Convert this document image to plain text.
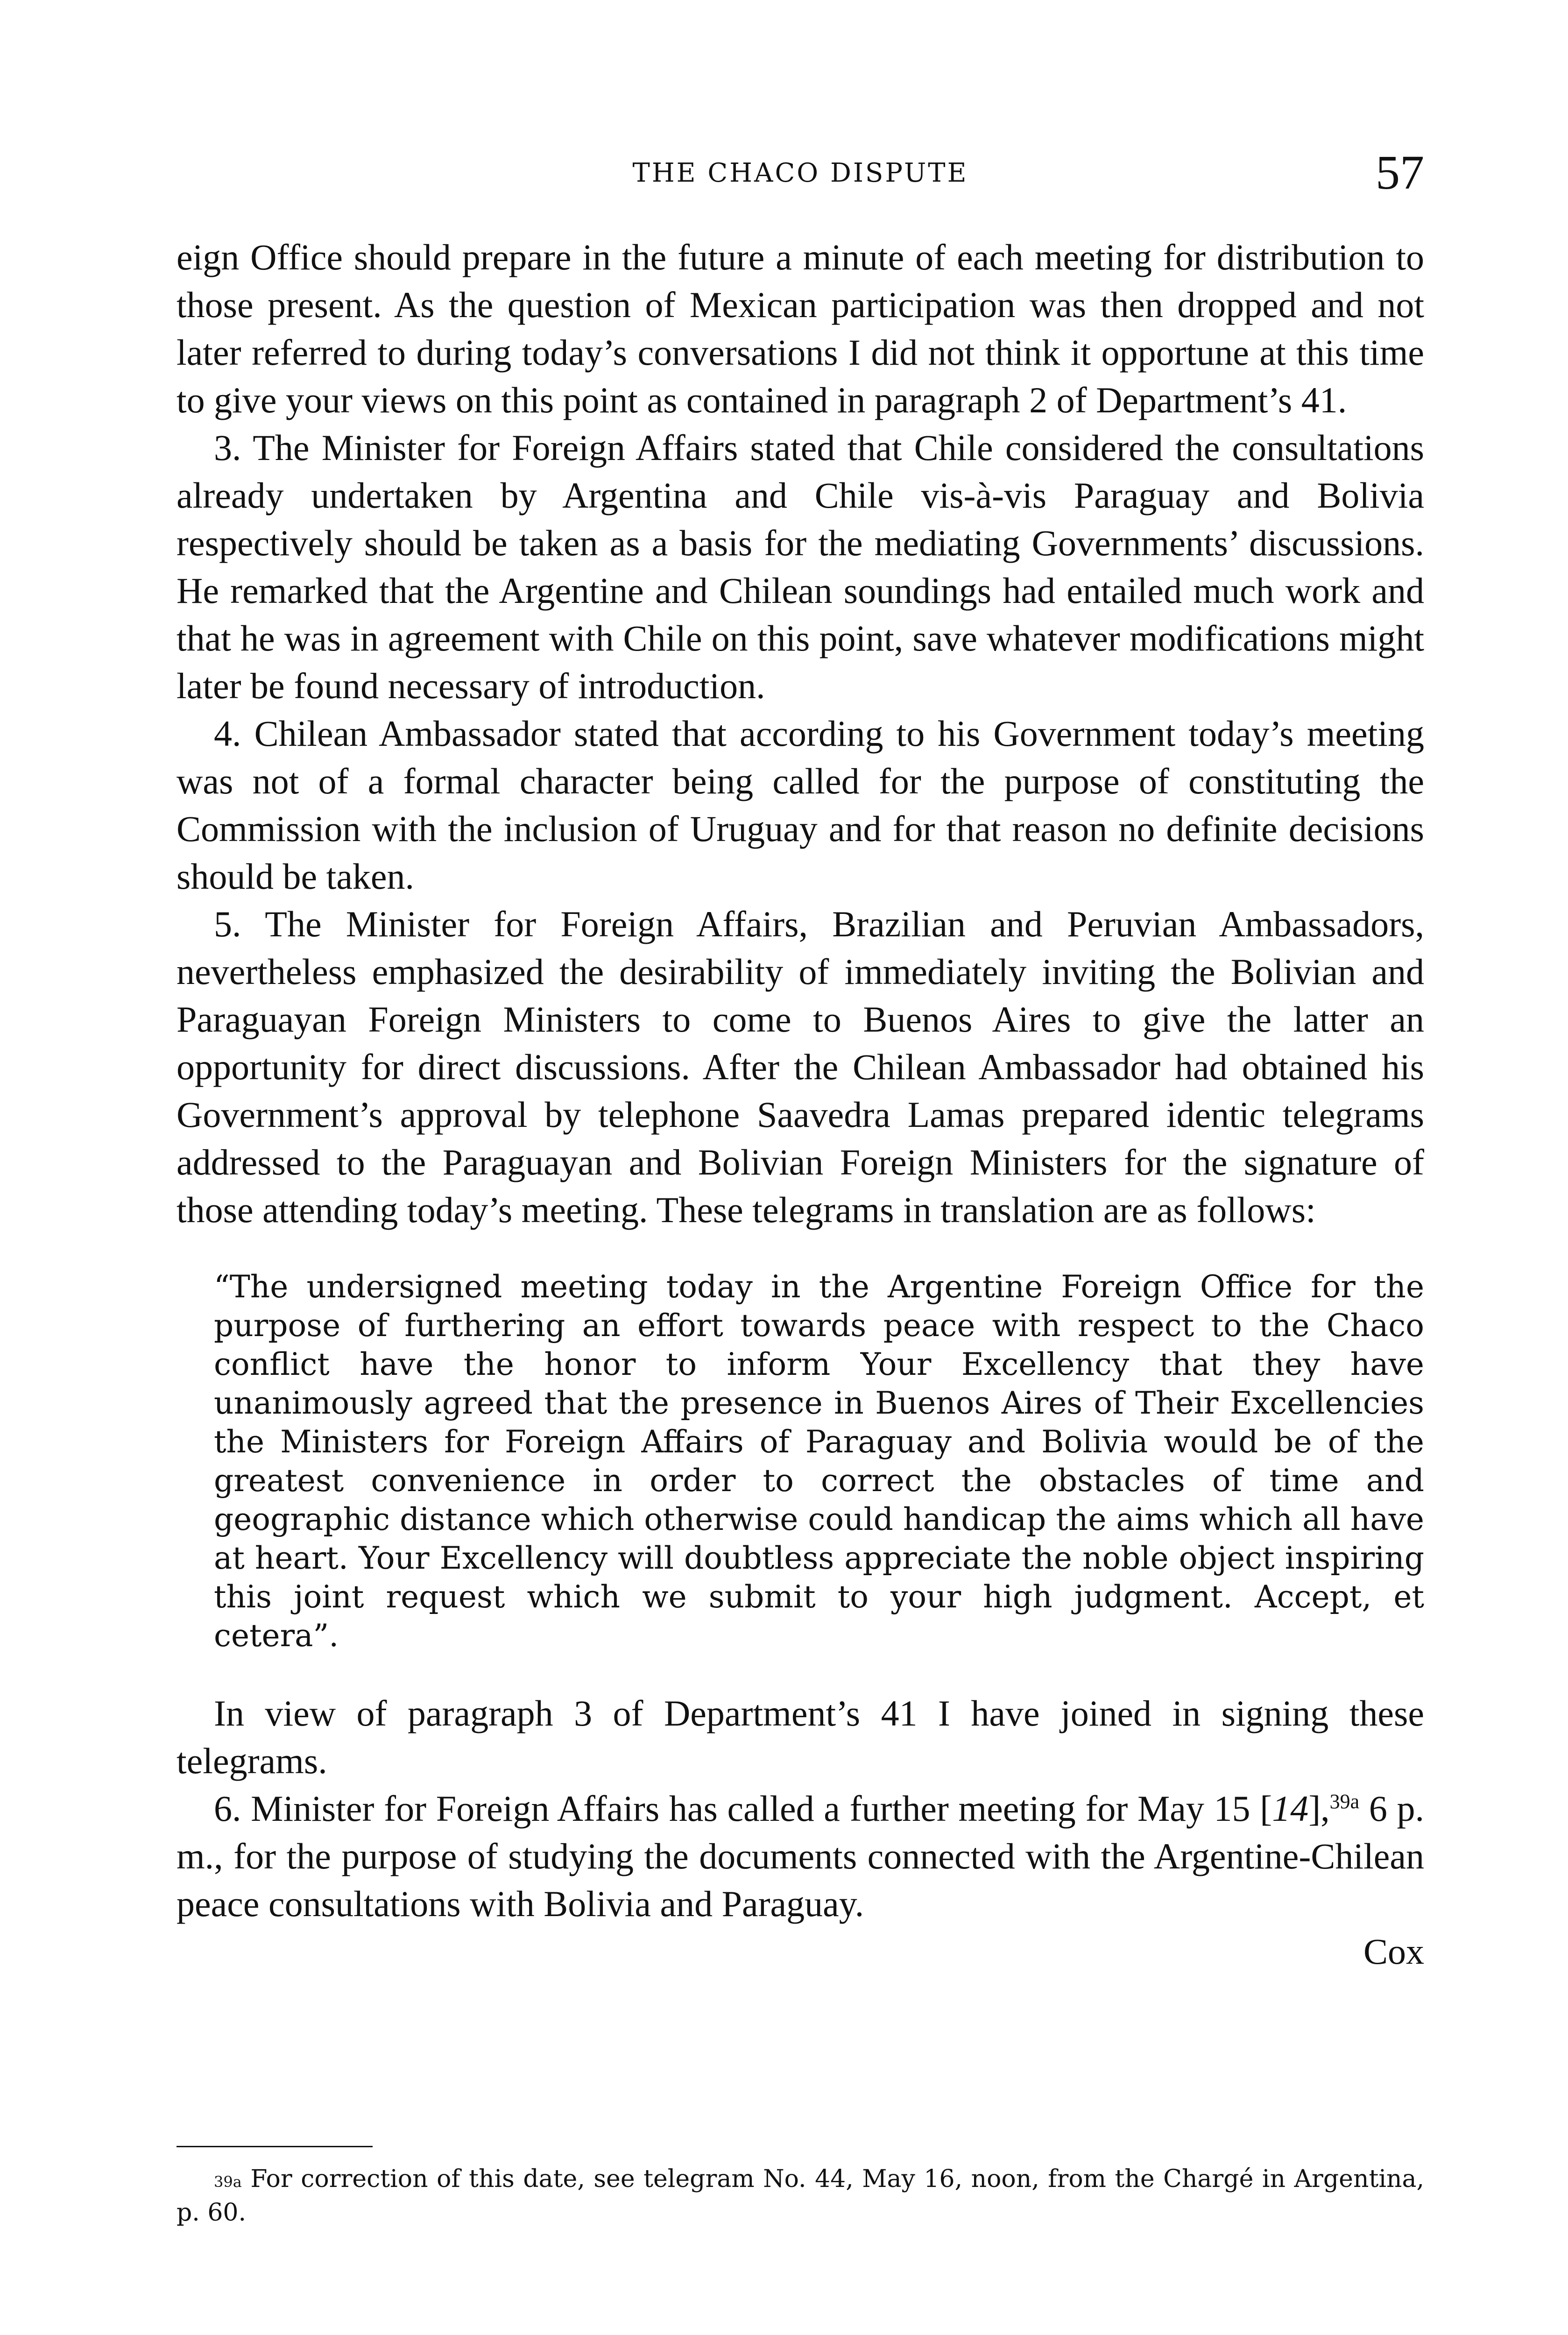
THE CHACO DISPUTE	57

eign Office should prepare in the future a minute of each meeting for distribution to those present. As the question of Mexican participation was then dropped and not later referred to during today’s conversations I did not think it opportune at this time to give your views on this point as contained in paragraph 2 of Department’s 41.

3. The Minister for Foreign Affairs stated that Chile considered the consultations already undertaken by Argentina and Chile vis-à-vis Paraguay and Bolivia respectively should be taken as a basis for the mediating Governments’ discussions. He remarked that the Argentine and Chilean soundings had entailed much work and that he was in agreement with Chile on this point, save whatever modifications might later be found necessary of introduction.

4. Chilean Ambassador stated that according to his Government today’s meeting was not of a formal character being called for the purpose of constituting the Commission with the inclusion of Uruguay and for that reason no definite decisions should be taken.

5. The Minister for Foreign Affairs, Brazilian and Peruvian Ambassadors, nevertheless emphasized the desirability of immediately inviting the Bolivian and Paraguayan Foreign Ministers to come to Buenos Aires to give the latter an opportunity for direct discussions. After the Chilean Ambassador had obtained his Government’s approval by telephone Saavedra Lamas prepared identic telegrams addressed to the Paraguayan and Bolivian Foreign Ministers for the signature of those attending today’s meeting. These telegrams in translation are as follows:

“The undersigned meeting today in the Argentine Foreign Office for the purpose of furthering an effort towards peace with respect to the Chaco conflict have the honor to inform Your Excellency that they have unanimously agreed that the presence in Buenos Aires of Their Excellencies the Ministers for Foreign Affairs of Paraguay and Bolivia would be of the greatest convenience in order to correct the obstacles of time and geographic distance which otherwise could handicap the aims which all have at heart. Your Excellency will doubtless appreciate the noble object inspiring this joint request which we submit to your high judgment. Accept, et cetera”.

In view of paragraph 3 of Department’s 41 I have joined in signing these telegrams.

6. Minister for Foreign Affairs has called a further meeting for May 15 [14],$^{39a}$ 6 p. m., for the purpose of studying the documents connected with the Argentine-Chilean peace consultations with Bolivia and Paraguay.

Cox

$^{39a}$ For correction of this date, see telegram No. 44, May 16, noon, from the Chargé in Argentina, p. 60.
